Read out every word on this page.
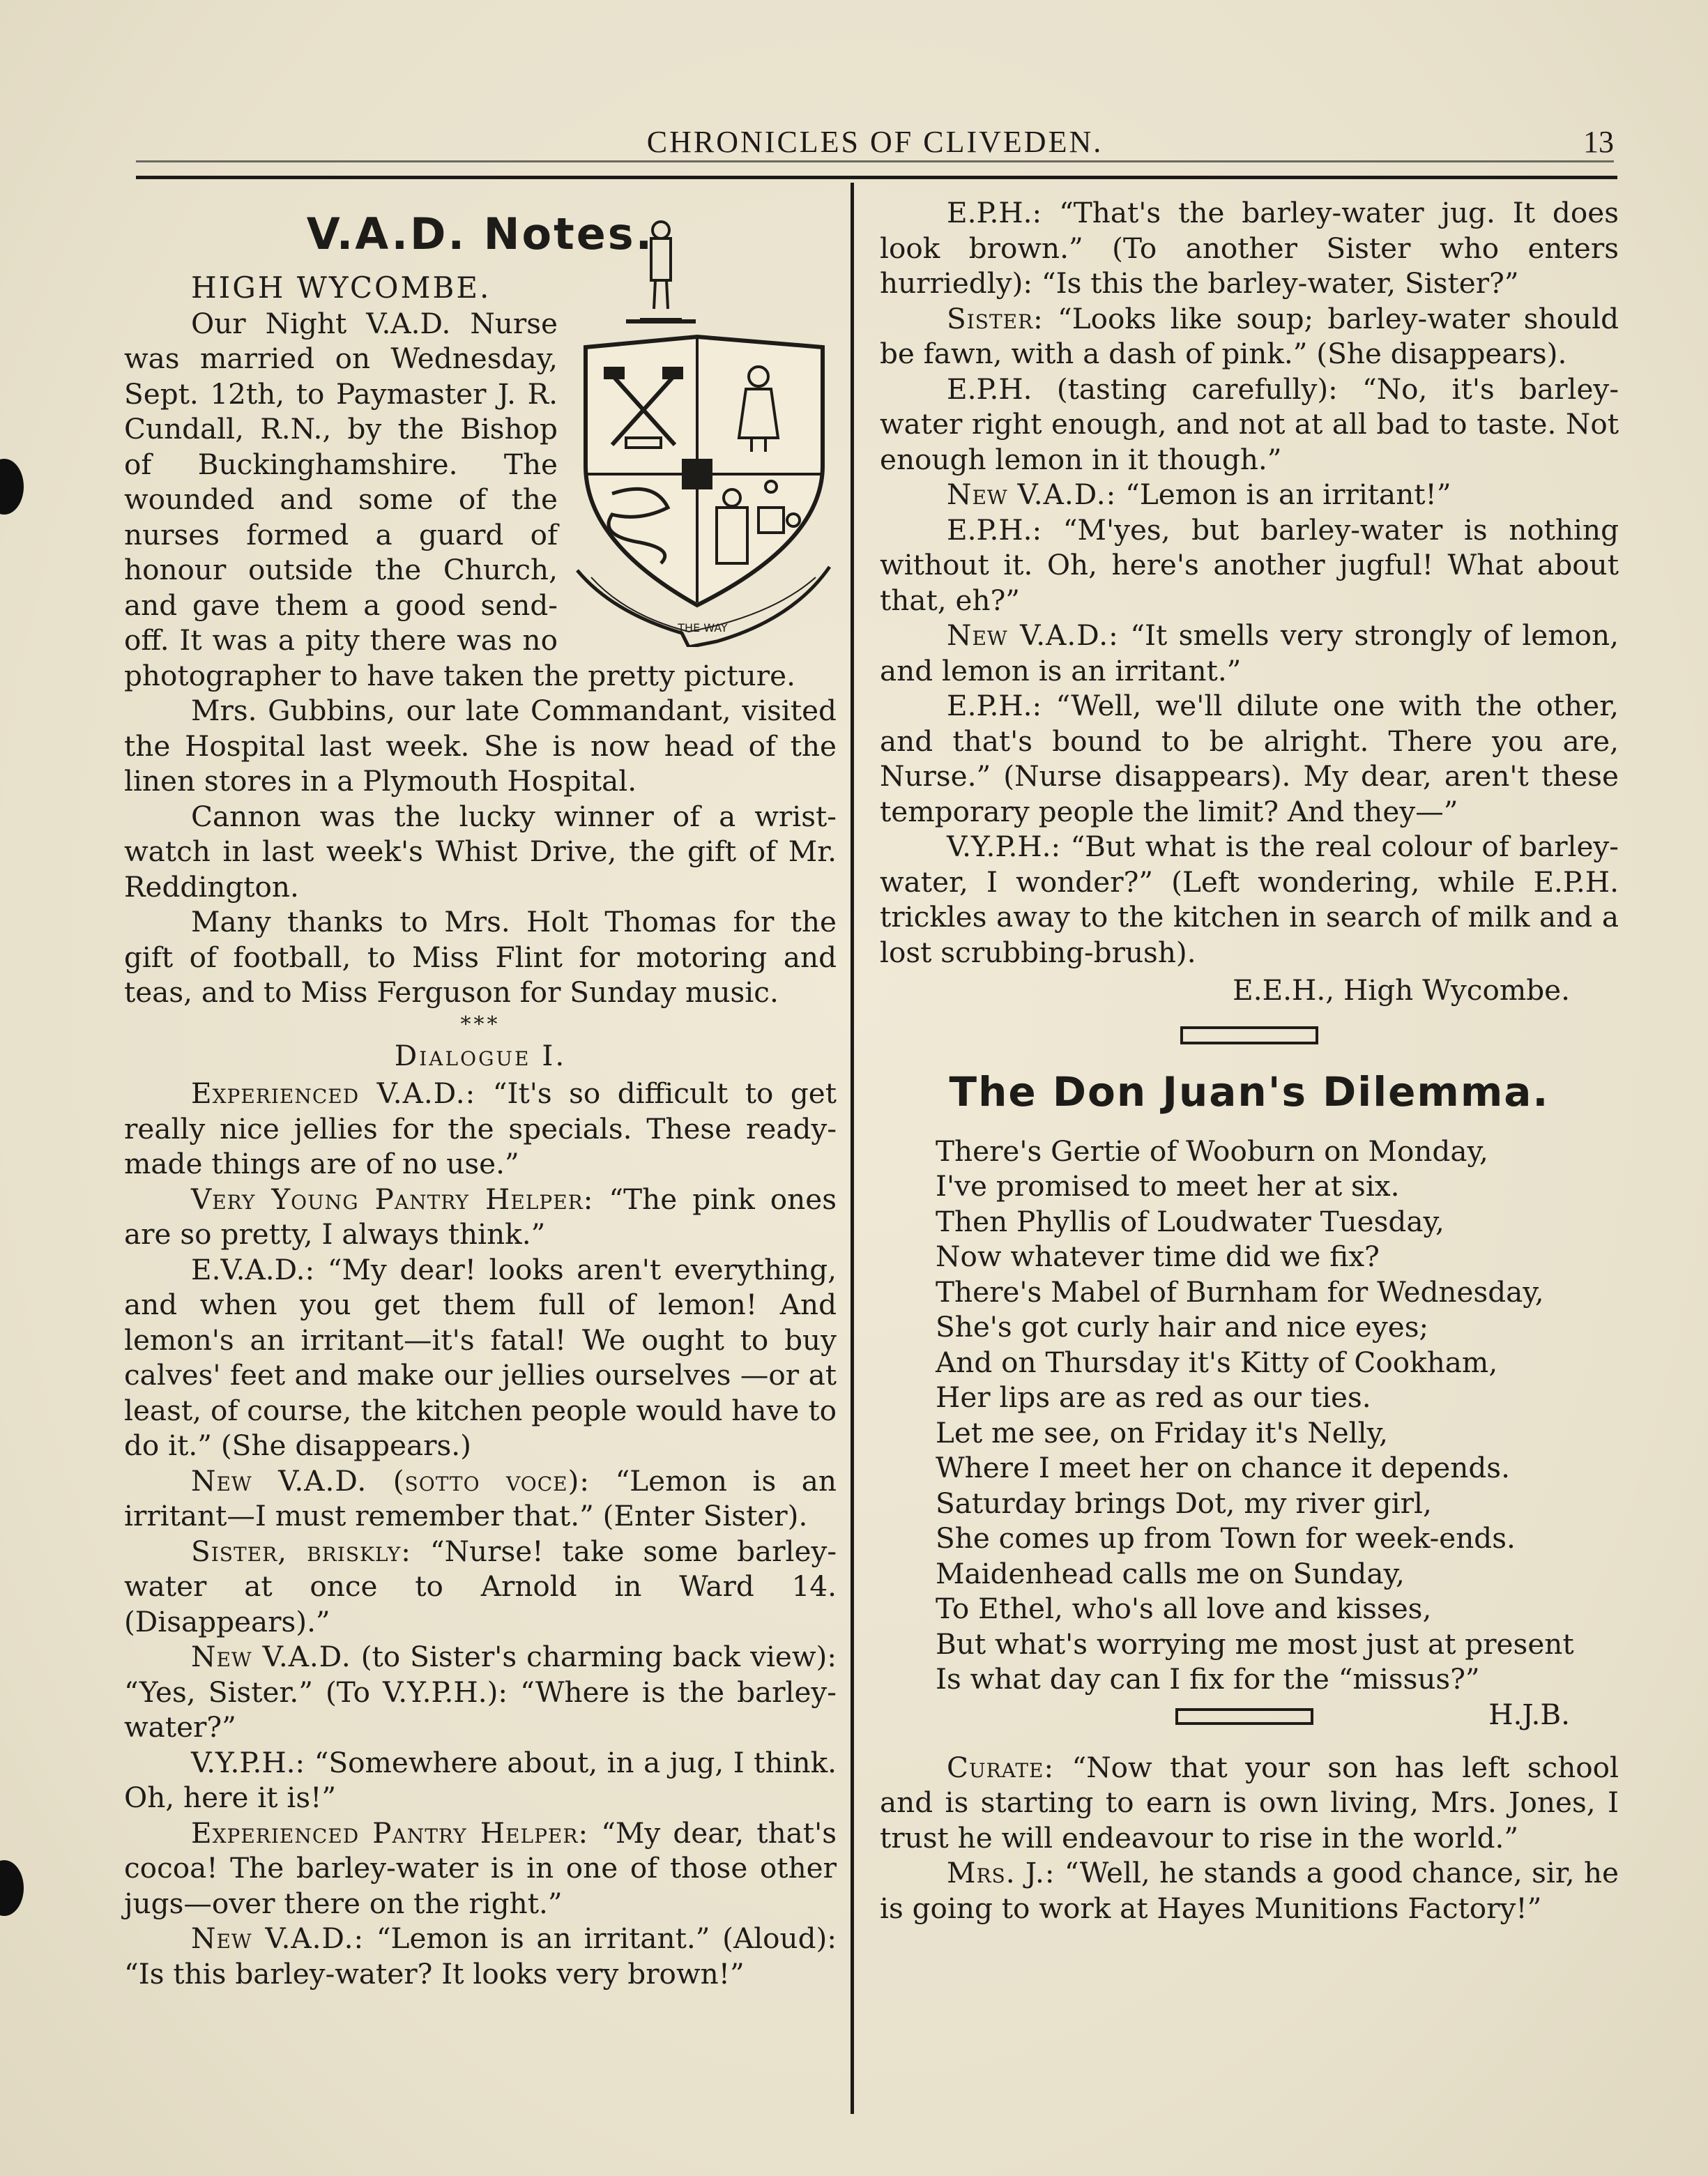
CHRONICLES OF CLIVEDEN.	13
V.A.D. Notes.
THE WAY

HIGH WYCOMBE.

Our Night V.A.D. Nurse was married on Wednesday, Sept. 12th, to Paymaster J. R. Cundall, R.N., by the Bishop of Buckinghamshire. The wounded and some of the nurses formed a guard of honour outside the Church, and gave them a good send-off. It was a pity there was no photographer to have taken the pretty picture.

Mrs. Gubbins, our late Commandant, visited the Hospital last week. She is now head of the linen stores in a Plymouth Hospital.

Cannon was the lucky winner of a wrist-watch in last week's Whist Drive, the gift of Mr. Reddington.

Many thanks to Mrs. Holt Thomas for the gift of football, to Miss Flint for motoring and teas, and to Miss Ferguson for Sunday music.

***
Dialogue I.

Experienced V.A.D.: “It's so difficult to get really nice jellies for the specials. These ready-made things are of no use.”

Very Young Pantry Helper: “The pink ones are so pretty, I always think.”

E.V.A.D.: “My dear! looks aren't everything, and when you get them full of lemon! And lemon's an irritant—it's fatal! We ought to buy calves' feet and make our jellies ourselves —or at least, of course, the kitchen people would have to do it.” (She disappears.)

New V.A.D. (sotto voce): “Lemon is an irritant—I must remember that.” (Enter Sister).

Sister, briskly: “Nurse! take some barley-water at once to Arnold in Ward 14. (Disappears).”

New V.A.D. (to Sister's charming back view): “Yes, Sister.” (To V.Y.P.H.): “Where is the barley-water?”

V.Y.P.H.: “Somewhere about, in a jug, I think. Oh, here it is!”

Experienced Pantry Helper: “My dear, that's cocoa! The barley-water is in one of those other jugs—over there on the right.”

New V.A.D.: “Lemon is an irritant.” (Aloud): “Is this barley-water? It looks very brown!”

E.P.H.: “That's the barley-water jug. It does look brown.” (To another Sister who enters hurriedly): “Is this the barley-water, Sister?”

Sister: “Looks like soup; barley-water should be fawn, with a dash of pink.” (She disappears).

E.P.H. (tasting carefully): “No, it's barley-water right enough, and not at all bad to taste. Not enough lemon in it though.”

New V.A.D.: “Lemon is an irritant!”

E.P.H.: “M'yes, but barley-water is nothing without it. Oh, here's another jugful! What about that, eh?”

New V.A.D.: “It smells very strongly of lemon, and lemon is an irritant.”

E.P.H.: “Well, we'll dilute one with the other, and that's bound to be alright. There you are, Nurse.” (Nurse disappears). My dear, aren't these temporary people the limit? And they—”

V.Y.P.H.: “But what is the real colour of barley-water, I wonder?” (Left wondering, while E.P.H. trickles away to the kitchen in search of milk and a lost scrubbing-brush).

E.E.H., High Wycombe.
The Don Juan's Dilemma.
There's Gertie of Wooburn on Monday,
I've promised to meet her at six.
Then Phyllis of Loudwater Tuesday,
Now whatever time did we fix?
There's Mabel of Burnham for Wednesday,
She's got curly hair and nice eyes;
And on Thursday it's Kitty of Cookham,
Her lips are as red as our ties.
Let me see, on Friday it's Nelly,
Where I meet her on chance it depends.
Saturday brings Dot, my river girl,
She comes up from Town for week-ends.
Maidenhead calls me on Sunday,
To Ethel, who's all love and kisses,
But what's worrying me most just at present
Is what day can I fix for the “missus?”
H.J.B.

Curate: “Now that your son has left school and is starting to earn is own living, Mrs. Jones, I trust he will endeavour to rise in the world.”

Mrs. J.: “Well, he stands a good chance, sir, he is going to work at Hayes Munitions Factory!”
